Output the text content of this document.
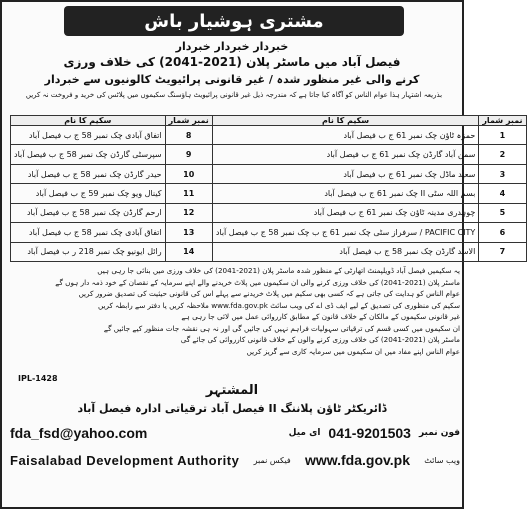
مشتری ہوشیار باش
خبردار خبردار خبردار
فیصل آباد میں ماسٹر پلان (2021-2041) کی خلاف ورزی
کرنے والی غیر منظور شدہ / غیر قانونی پرائیویٹ کالونیوں سے خبردار
بذریعہ اشتہار ہذا عوام الناس کو آگاہ کیا جاتا ہے کہ مندرجہ ذیل غیر قانونی پرائیویٹ ہاؤسنگ سکیموں میں پلاٹس کی خرید و فروخت نہ کریں
نمبر شمار	سکیم کا نام	نمبر شمار	سکیم کا نام
1	حمزہ ٹاؤن چک نمبر 61 ج ب فیصل آباد	8	اتفاق آبادی چک نمبر 58 ج ب فیصل آباد
2	سمن آباد گارڈن چک نمبر 61 ج ب فیصل آباد	9	سپرسٹی گارڈن چک نمبر 58 ج ب فیصل آباد
3	سعید ماڈل چک نمبر 61 ج ب فیصل آباد	10	حیدر گارڈن چک نمبر 58 ج ب فیصل آباد
4	بسم اللہ سٹی II چک نمبر 61 ج ب فیصل آباد	11	کینال ویو چک نمبر 59 ج ب فیصل آباد
5	چوہدری مدینہ ٹاؤن چک نمبر 61 ج ب فیصل آباد	12	ارحم گارڈن چک نمبر 58 ج ب فیصل آباد
6	PACIFIC CITY / سرفراز سٹی چک نمبر 61 ج ب چک نمبر 58 ج ب فیصل آباد	13	اتفاق آبادی چک نمبر 58 ج ب فیصل آباد
7	الاسد گارڈن چک نمبر 58 ج ب فیصل آباد	14	رائل ایونیو چک نمبر 218 ر ب فیصل آباد
یہ سکیمیں فیصل آباد ڈویلپمنٹ اتھارٹی کے منظور شدہ ماسٹر پلان (2021-2041) کی خلاف ورزی میں بنائی جا رہی ہیں
ماسٹر پلان (2021-2041) کی خلاف ورزی کرنے والی ان سکیموں میں پلاٹ خریدنے والے اپنے سرمایہ کے نقصان کے خود ذمہ دار ہوں گے
عوام الناس کو ہدایت کی جاتی ہے کہ کسی بھی سکیم میں پلاٹ خریدنے سے پہلے اس کی قانونی حیثیت کی تصدیق ضرور کریں
سکیم کی منظوری کی تصدیق کے لیے ایف ڈی اے کی ویب سائٹ www.fda.gov.pk ملاحظہ کریں یا دفتر سے رابطہ کریں
غیر قانونی سکیموں کے مالکان کے خلاف قانون کے مطابق کارروائی عمل میں لائی جا رہی ہے
ان سکیموں میں کسی قسم کی ترقیاتی سہولیات فراہم نہیں کی جائیں گی اور نہ ہی نقشہ جات منظور کیے جائیں گے
ماسٹر پلان (2021-2041) کی خلاف ورزی کرنے والوں کے خلاف قانونی کارروائی کی جائے گی
عوام الناس اپنے مفاد میں ان سکیموں میں سرمایہ کاری سے گریز کریں
IPL-1428
المشتہر
ڈائریکٹر ٹاؤن پلاننگ II فیصل آباد ترقیاتی ادارہ فیصل آباد
fda_fsd@yahoo.com	فون نمبر
041-9201503
ای میل
Faisalabad Development Authority فیکس نمبر www.fda.gov.pk ویب سائٹ
